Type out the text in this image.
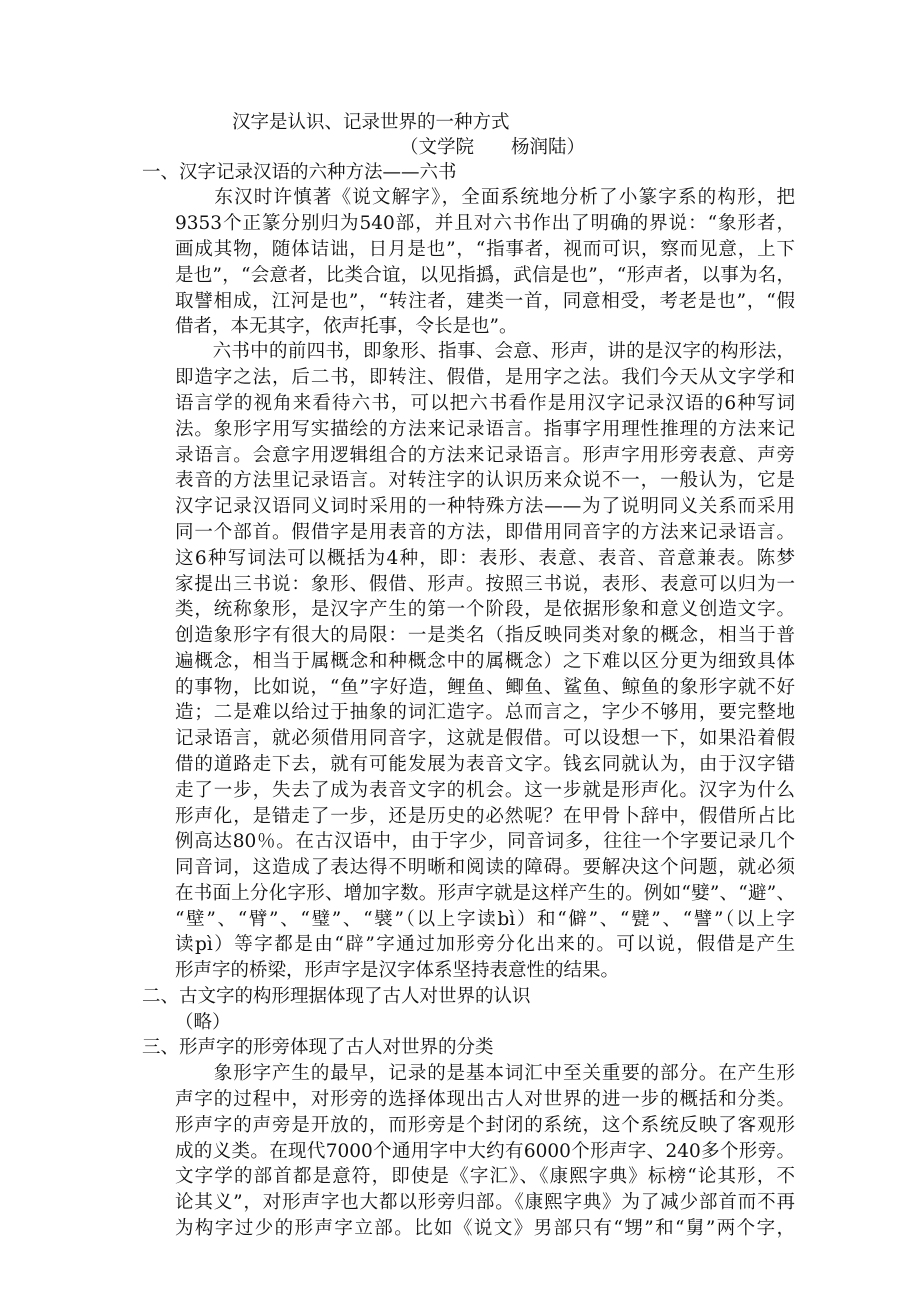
汉字是认识、记录世界的一种方式

（文学院　　杨润陆）

一、汉字记录汉语的六种方法——六书

　　东汉时许慎著《说文解字》，全面系统地分析了小篆字系的构形，把

9353个正篆分别归为540部，并且对六书作出了明确的界说：“象形者，

画成其物，随体诘诎，日月是也”，“指事者，视而可识，察而见意，上下

是也”，“会意者，比类合谊，以见指撝，武信是也”，“形声者，以事为名，

取譬相成，江河是也”，“转注者，建类一首，同意相受，考老是也”，“假

借者，本无其字，依声托事，令长是也”。

　　六书中的前四书，即象形、指事、会意、形声，讲的是汉字的构形法，

即造字之法，后二书，即转注、假借，是用字之法。我们今天从文字学和

语言学的视角来看待六书，可以把六书看作是用汉字记录汉语的6种写词

法。象形字用写实描绘的方法来记录语言。指事字用理性推理的方法来记

录语言。会意字用逻辑组合的方法来记录语言。形声字用形旁表意、声旁

表音的方法里记录语言。对转注字的认识历来众说不一，一般认为，它是

汉字记录汉语同义词时采用的一种特殊方法——为了说明同义关系而采用

同一个部首。假借字是用表音的方法，即借用同音字的方法来记录语言。

这6种写词法可以概括为4种，即：表形、表意、表音、音意兼表。陈梦

家提出三书说：象形、假借、形声。按照三书说，表形、表意可以归为一

类，统称象形，是汉字产生的第一个阶段，是依据形象和意义创造文字。

创造象形字有很大的局限：一是类名（指反映同类对象的概念，相当于普

遍概念，相当于属概念和种概念中的属概念）之下难以区分更为细致具体

的事物，比如说，“鱼”字好造，鲤鱼、鲫鱼、鲨鱼、鲸鱼的象形字就不好

造；二是难以给过于抽象的词汇造字。总而言之，字少不够用，要完整地

记录语言，就必须借用同音字，这就是假借。可以设想一下，如果沿着假

借的道路走下去，就有可能发展为表音文字。钱玄同就认为，由于汉字错

走了一步，失去了成为表音文字的机会。这一步就是形声化。汉字为什么

形声化，是错走了一步，还是历史的必然呢？在甲骨卜辞中，假借所占比

例高达80％。在古汉语中，由于字少，同音词多，往往一个字要记录几个

同音词，这造成了表达得不明晰和阅读的障碍。要解决这个问题，就必须

在书面上分化字形、增加字数。形声字就是这样产生的。例如“嬖”、“避”、

“壁”、“臂”、“璧”、“襞”（以上字读bì）和“僻”、“甓”、“譬”（以上字

读pì）等字都是由“辟”字通过加形旁分化出来的。可以说，假借是产生

形声字的桥梁，形声字是汉字体系坚持表意性的结果。

二、古文字的构形理据体现了古人对世界的认识

（略）

三、形声字的形旁体现了古人对世界的分类

　　象形字产生的最早，记录的是基本词汇中至关重要的部分。在产生形

声字的过程中，对形旁的选择体现出古人对世界的进一步的概括和分类。

形声字的声旁是开放的，而形旁是个封闭的系统，这个系统反映了客观形

成的义类。在现代7000个通用字中大约有6000个形声字、240多个形旁。

文字学的部首都是意符，即使是《字汇》、《康熙字典》标榜“论其形，不

论其义”，对形声字也大都以形旁归部。《康熙字典》为了减少部首而不再

为构字过少的形声字立部。比如《说文》男部只有“甥”和“舅”两个字，
